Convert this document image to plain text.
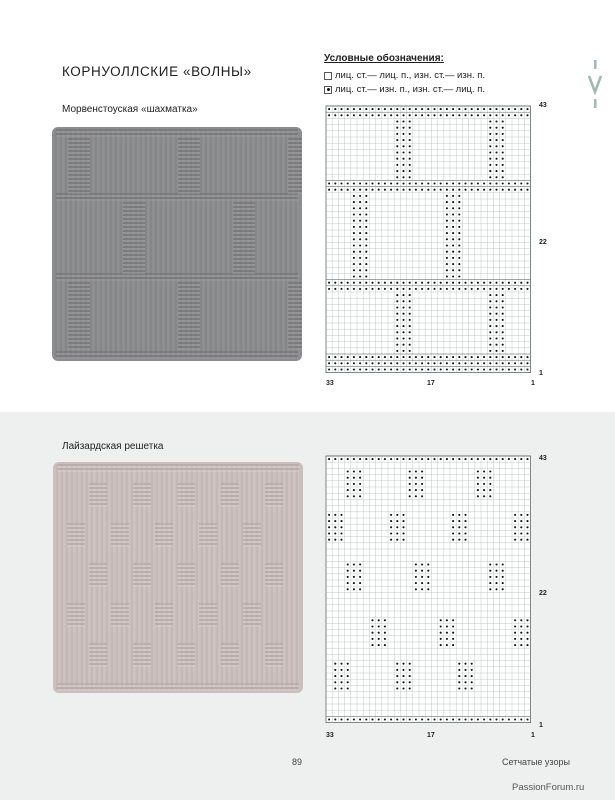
КОРНУОЛЛСКИЕ «ВОЛНЫ»
Морвенстоуская «шахматка»
Лайзардская решетка
Условные обозначения:
лиц. ст.— лиц. п., изн. ст.— изн. п.
лиц. ст.— изн. п., изн. ст.— лиц. п.
43
22
1
33	17	1
43
22
1
33	17	1
89	Сетчатые узоры
PassionForum.ru
